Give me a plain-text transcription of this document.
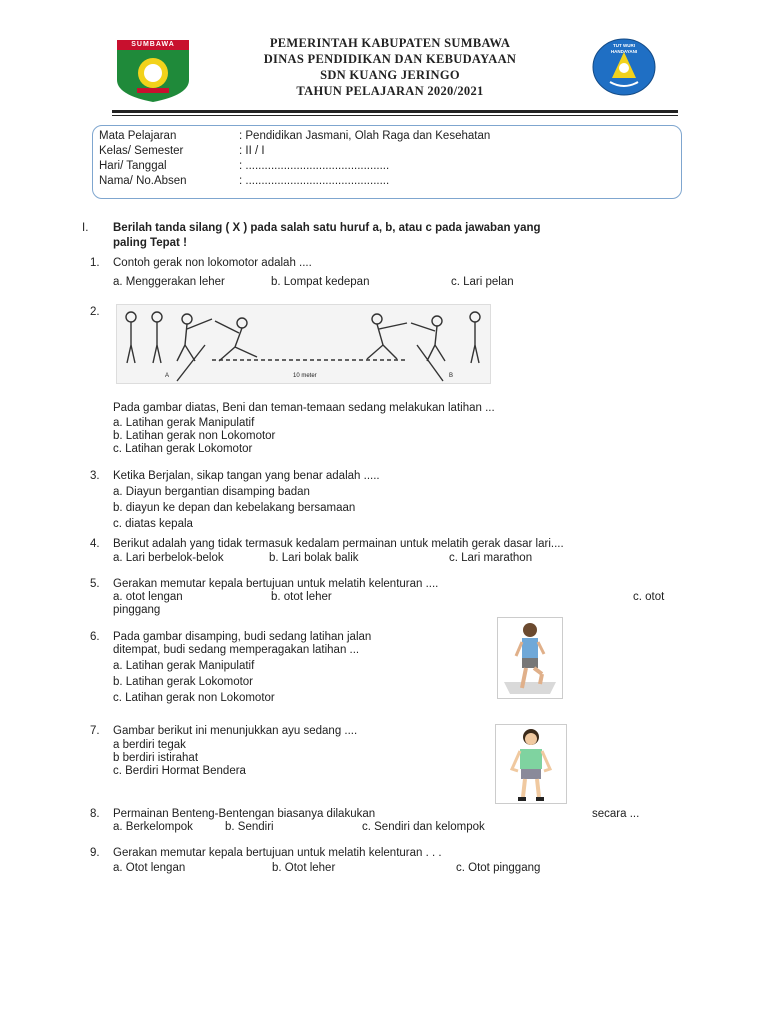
SUMBAWA	TUT WURI HANDAYANI
PEMERINTAH KABUPATEN SUMBAWA
DINAS PENDIDIKAN DAN KEBUDAYAAN
SDN KUANG JERINGO
TAHUN PELAJARAN 2020/2021
Mata Pelajaran	: Pendidikan Jasmani, Olah Raga dan Kesehatan
Kelas/ Semester	: II / I
Hari/ Tanggal	: .............................................
Nama/ No.Absen	: .............................................
I. Berilah tanda silang ( X ) pada salah satu huruf a, b, atau c pada jawaban yang
paling Tepat !
1. Contoh gerak non lokomotor adalah ....
a. Menggerakan leher	b. Lompat kedepan	c. Lari pelan
2.
A	10 meter	B
Pada gambar diatas, Beni dan teman-temaan sedang melakukan latihan ...
a. Latihan gerak Manipulatif
b. Latihan gerak non Lokomotor
c. Latihan gerak Lokomotor
3. Ketika Berjalan, sikap tangan yang benar adalah .....
a. Diayun bergantian disamping badan
b. diayun ke depan dan kebelakang bersamaan
c. diatas kepala
4. Berikut adalah yang tidak termasuk kedalam permainan untuk melatih gerak dasar lari....
a. Lari berbelok-belok	b. Lari bolak balik	c. Lari marathon
5. Gerakan memutar kepala bertujuan untuk melatih kelenturan ....
a. otot lengan	b. otot leher	c. otot
pinggang
6. Pada gambar disamping, budi sedang latihan jalan
ditempat, budi sedang memperagakan latihan ...
a. Latihan gerak Manipulatif
b. Latihan gerak Lokomotor
c. Latihan gerak non Lokomotor
7. Gambar berikut ini menunjukkan ayu sedang ....
a berdiri tegak
b berdiri istirahat
c. Berdiri Hormat Bendera
8. Permainan Benteng-Bentengan biasanya dilakukan	secara ...
a. Berkelompok	b. Sendiri	c. Sendiri dan kelompok
9. Gerakan memutar kepala bertujuan untuk melatih kelenturan . . .
a. Otot lengan	b. Otot leher	c. Otot pinggang
